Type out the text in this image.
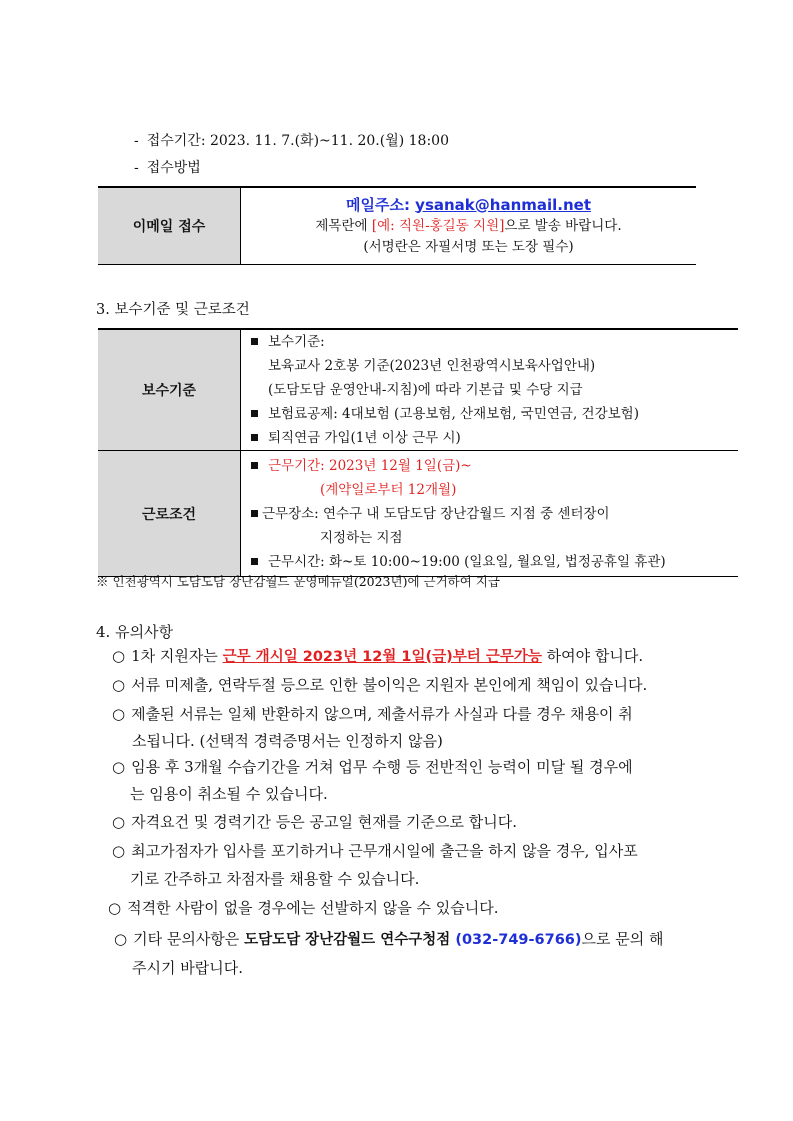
- 접수기간: 2023. 11. 7.(화)~11. 20.(월) 18:00
- 접수방법
이메일 접수	
메일주소: ysanak@hanmail.net
제목란에 [예: 직원-홍길동 지원]으로 발송 바랍니다.
(서명란은 자필서명 또는 도장 필수)
3. 보수기준 및 근로조건
보수기준	보수기준:
보육교사 2호봉 기준(2023년 인천광역시보육사업안내)
(도담도담 운영안내-지침)에 따라 기본급 및 수당 지급
보험료공제: 4대보험 (고용보험, 산재보험, 국민연금, 건강보험)
퇴직연금 가입(1년 이상 근무 시)

근로조건	근무기간: 2023년 12월 1일(금)~
(계약일로부터 12개월)
근무장소: 연수구 내 도담도담 장난감월드 지점 중 센터장이
지정하는 지점
근무시간: 화~토 10:00~19:00 (일요일, 월요일, 법정공휴일 휴관)
※ 인천광역시 도담도담 장난감월드 운영메뉴얼(2023년)에 근거하여 지급
4. 유의사항
○ 1차 지원자는 근무 개시일 2023년 12월 1일(금)부터 근무가능 하여야 합니다.
○ 서류 미제출, 연락두절 등으로 인한 불이익은 지원자 본인에게 책임이 있습니다.
○ 제출된 서류는 일체 반환하지 않으며, 제출서류가 사실과 다를 경우 채용이 취
소됩니다. (선택적 경력증명서는 인정하지 않음)
○ 임용 후 3개월 수습기간을 거쳐 업무 수행 등 전반적인 능력이 미달 될 경우에
는 임용이 취소될 수 있습니다.
○ 자격요건 및 경력기간 등은 공고일 현재를 기준으로 합니다.
○ 최고가점자가 입사를 포기하거나 근무개시일에 출근을 하지 않을 경우, 입사포
기로 간주하고 차점자를 채용할 수 있습니다.
○ 적격한 사람이 없을 경우에는 선발하지 않을 수 있습니다.
○ 기타 문의사항은 도담도담 장난감월드 연수구청점 (032-749-6766)으로 문의 해
주시기 바랍니다.
